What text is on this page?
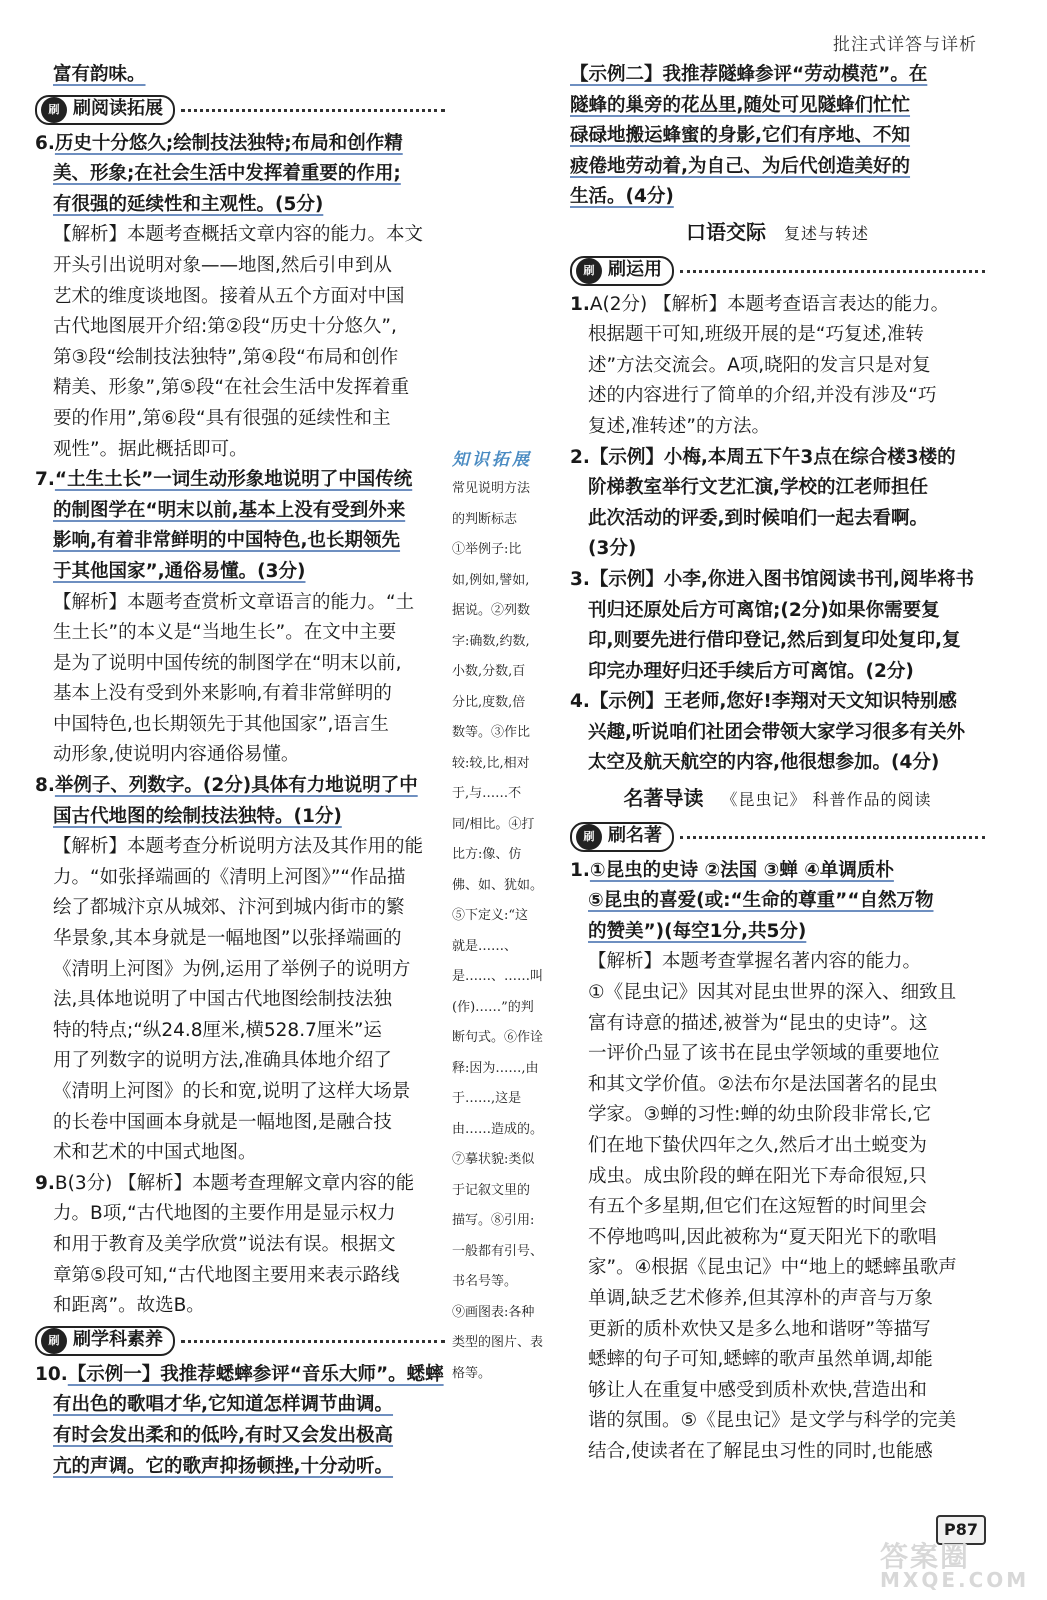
批注式详答与详析
富有韵味。
刷 刷阅读拓展
6.历史十分悠久;绘制技法独特;布局和创作精
美、形象;在社会生活中发挥着重要的作用;
有很强的延续性和主观性。(5分)
【解析】本题考查概括文章内容的能力。本文
开头引出说明对象——地图,然后引申到从
艺术的维度谈地图。接着从五个方面对中国
古代地图展开介绍:第②段“历史十分悠久”,
第③段“绘制技法独特”,第④段“布局和创作
精美、形象”,第⑤段“在社会生活中发挥着重
要的作用”,第⑥段“具有很强的延续性和主
观性”。据此概括即可。
7.“土生土长”一词生动形象地说明了中国传统
的制图学在“明末以前,基本上没有受到外来
影响,有着非常鲜明的中国特色,也长期领先
于其他国家”,通俗易懂。(3分)
【解析】本题考查赏析文章语言的能力。“土
生土长”的本义是“当地生长”。在文中主要
是为了说明中国传统的制图学在“明末以前,
基本上没有受到外来影响,有着非常鲜明的
中国特色,也长期领先于其他国家”,语言生
动形象,使说明内容通俗易懂。
8.举例子、列数字。(2分)具体有力地说明了中
国古代地图的绘制技法独特。(1分)
【解析】本题考查分析说明方法及其作用的能
力。“如张择端画的《清明上河图》”“作品描
绘了都城汴京从城郊、汴河到城内街市的繁
华景象,其本身就是一幅地图”以张择端画的
《清明上河图》为例,运用了举例子的说明方
法,具体地说明了中国古代地图绘制技法独
特的特点;“纵24.8厘米,横528.7厘米”运
用了列数字的说明方法,准确具体地介绍了
《清明上河图》的长和宽,说明了这样大场景
的长卷中国画本身就是一幅地图,是融合技
术和艺术的中国式地图。
9.B(3分) 【解析】本题考查理解文章内容的能
力。B项,“古代地图的主要作用是显示权力
和用于教育及美学欣赏”说法有误。根据文
章第⑤段可知,“古代地图主要用来表示路线
和距离”。故选B。
刷 刷学科素养
10.【示例一】我推荐蟋蟀参评“音乐大师”。蟋蟀
有出色的歌唱才华,它知道怎样调节曲调。
有时会发出柔和的低吟,有时又会发出极高
亢的声调。它的歌声抑扬顿挫,十分动听。
知识拓展
常见说明方法
的判断标志
①举例子:比
如,例如,譬如,
据说。②列数
字:确数,约数,
小数,分数,百
分比,度数,倍
数等。③作比
较:较,比,相对
于,与……不
同/相比。④打
比方:像、仿
佛、如、犹如。
⑤下定义:“这
就是……、
是……、……叫
(作)……”的判
断句式。⑥作诠
释:因为……,由
于……,这是
由……造成的。
⑦摹状貌:类似
于记叙文里的
描写。⑧引用:
一般都有引号、
书名号等。
⑨画图表:各种
类型的图片、表
格等。
【示例二】我推荐隧蜂参评“劳动模范”。在
隧蜂的巢旁的花丛里,随处可见隧蜂们忙忙
碌碌地搬运蜂蜜的身影,它们有序地、不知
疲倦地劳动着,为自己、为后代创造美好的
生活。(4分)
口语交际 复述与转述
刷 刷运用
1.A(2分) 【解析】本题考查语言表达的能力。
根据题干可知,班级开展的是“巧复述,准转
述”方法交流会。A项,晓阳的发言只是对复
述的内容进行了简单的介绍,并没有涉及“巧
复述,准转述”的方法。
2.【示例】小梅,本周五下午3点在综合楼3楼的
阶梯教室举行文艺汇演,学校的江老师担任
此次活动的评委,到时候咱们一起去看啊。
(3分)
3.【示例】小李,你进入图书馆阅读书刊,阅毕将书
刊归还原处后方可离馆;(2分)如果你需要复
印,则要先进行借印登记,然后到复印处复印,复
印完办理好归还手续后方可离馆。(2分)
4.【示例】王老师,您好!李翔对天文知识特别感
兴趣,听说咱们社团会带领大家学习很多有关外
太空及航天航空的内容,他很想参加。(4分)
名著导读 《昆虫记》 科普作品的阅读
刷 刷名著
1.①昆虫的史诗 ②法国 ③蝉 ④单调质朴
⑤昆虫的喜爱(或:“生命的尊重”“自然万物
的赞美”)(每空1分,共5分)
【解析】本题考查掌握名著内容的能力。
①《昆虫记》因其对昆虫世界的深入、细致且
富有诗意的描述,被誉为“昆虫的史诗”。这
一评价凸显了该书在昆虫学领域的重要地位
和其文学价值。②法布尔是法国著名的昆虫
学家。③蝉的习性:蝉的幼虫阶段非常长,它
们在地下蛰伏四年之久,然后才出土蜕变为
成虫。成虫阶段的蝉在阳光下寿命很短,只
有五个多星期,但它们在这短暂的时间里会
不停地鸣叫,因此被称为“夏天阳光下的歌唱
家”。④根据《昆虫记》中“地上的蟋蟀虽歌声
单调,缺乏艺术修养,但其淳朴的声音与万象
更新的质朴欢快又是多么地和谐呀”等描写
蟋蟀的句子可知,蟋蟀的歌声虽然单调,却能
够让人在重复中感受到质朴欢快,营造出和
谐的氛围。⑤《昆虫记》是文学与科学的完美
结合,使读者在了解昆虫习性的同时,也能感
P87
答案圈
MXQE.COM
